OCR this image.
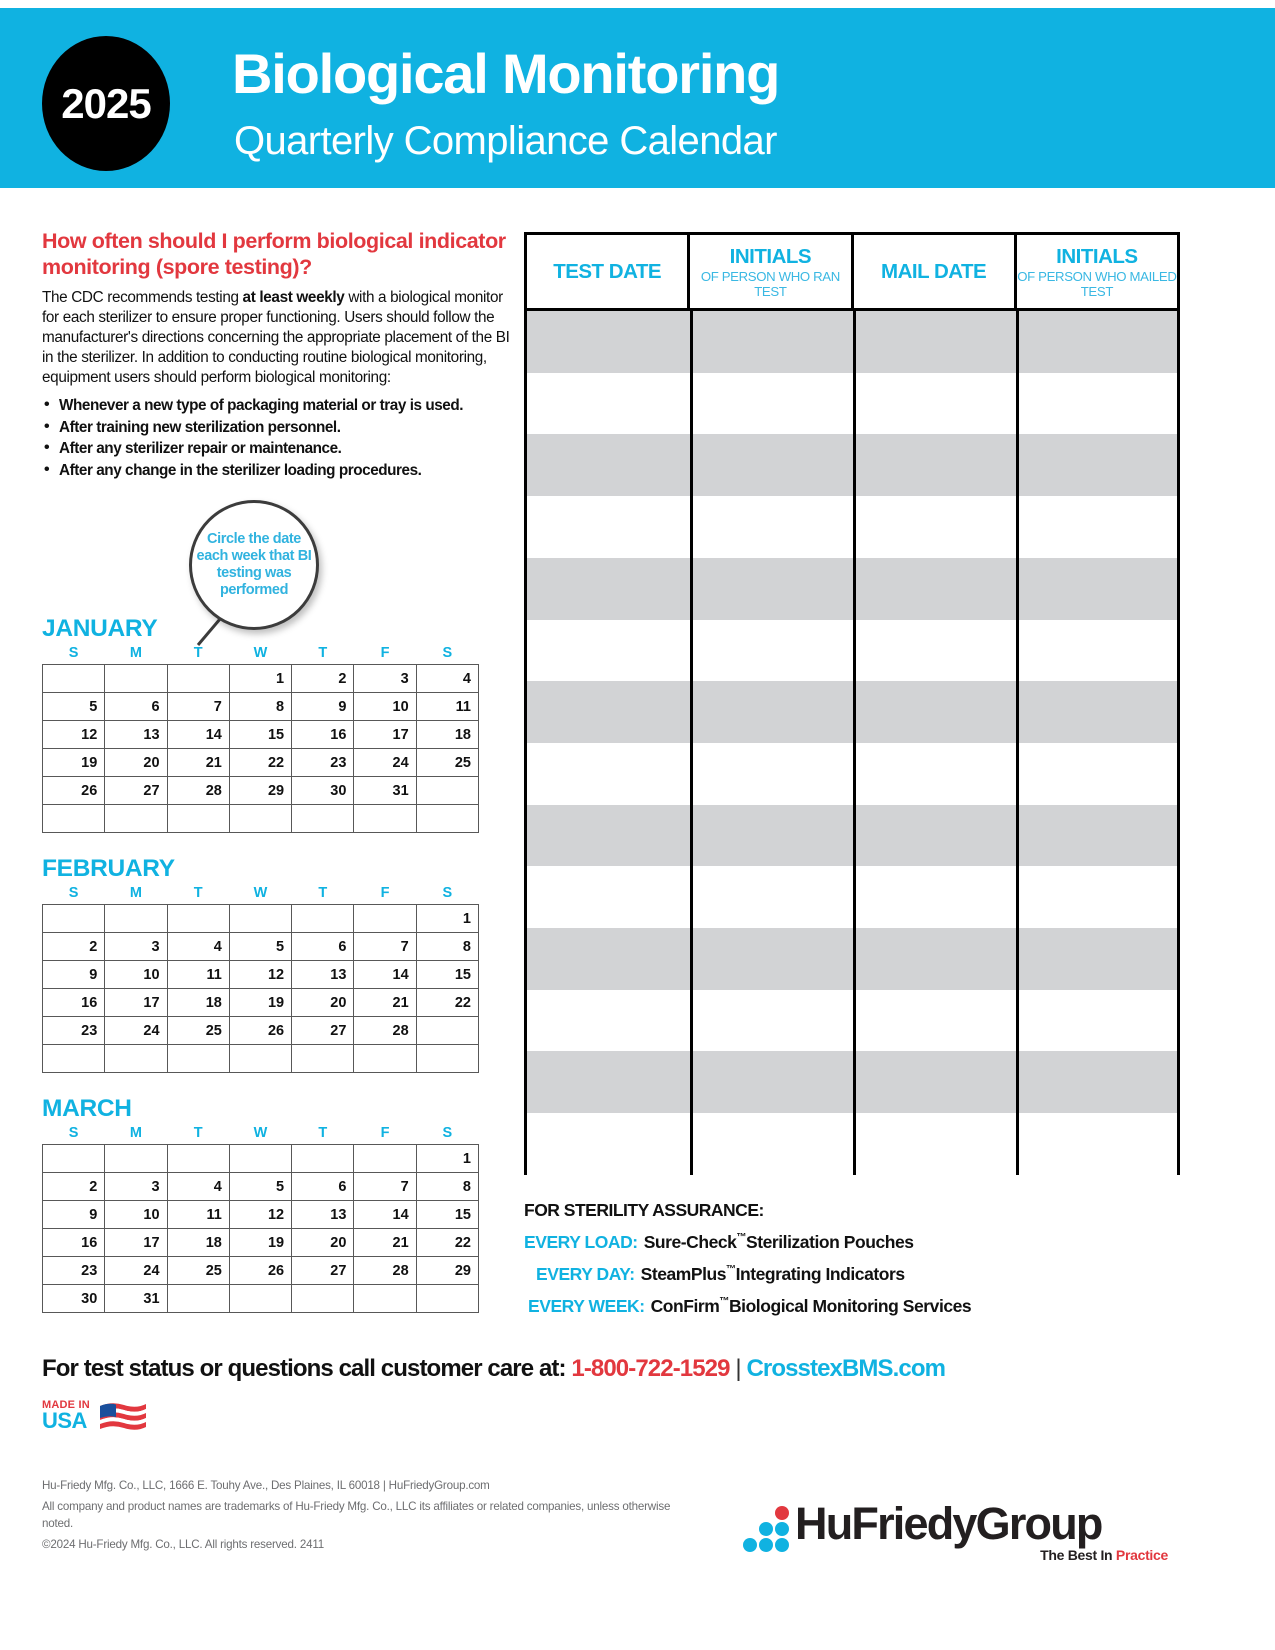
2025	Biological Monitoring
Quarterly Compliance Calendar
How often should I perform biological indicator monitoring (spore testing)?
The CDC recommends testing at least weekly with a biological monitor for each sterilizer to ensure proper functioning. Users should follow the manufacturer's directions concerning the appropriate placement of the BI in the sterilizer. In addition to conducting routine biological monitoring, equipment users should perform biological monitoring:
• Whenever a new type of packaging material or tray is used.
• After training new sterilization personnel.
• After any sterilizer repair or maintenance.
• After any change in the sterilizer loading procedures.
Circle the date each week that BI testing was performed
JANUARY
S	M	T	W	T	F	S
			1	2	3	4
5	6	7	8	9	10	11
12	13	14	15	16	17	18
19	20	21	22	23	24	25
26	27	28	29	30	31	

FEBRUARY
S	M	T	W	T	F	S
						1
2	3	4	5	6	7	8
9	10	11	12	13	14	15
16	17	18	19	20	21	22
23	24	25	26	27	28	

MARCH
S	M	T	W	T	F	S
						1
2	3	4	5	6	7	8
9	10	11	12	13	14	15
16	17	18	19	20	21	22
23	24	25	26	27	28	29
30	31					
TEST DATE
INITIALS
OF PERSON WHO RAN TEST
MAIL DATE
INITIALS
OF PERSON WHO MAILED TEST
FOR STERILITY ASSURANCE:
EVERY LOAD: Sure-Check ™ Sterilization Pouches
EVERY DAY: SteamPlus ™ Integrating Indicators
EVERY WEEK: ConFirm ™ Biological Monitoring Services
For test status or questions call customer care at: 1-800-722-1529 | CrosstexBMS.com
MADE IN
USA

Hu-Friedy Mfg. Co., LLC, 1666 E. Touhy Ave., Des Plaines, IL 60018 | HuFriedyGroup.com

All company and product names are trademarks of Hu-Friedy Mfg. Co., LLC its affiliates or related companies, unless otherwise noted.

©2024 Hu-Friedy Mfg. Co., LLC. All rights reserved. 2411	HuFriedyGroup
The Best In Practice
